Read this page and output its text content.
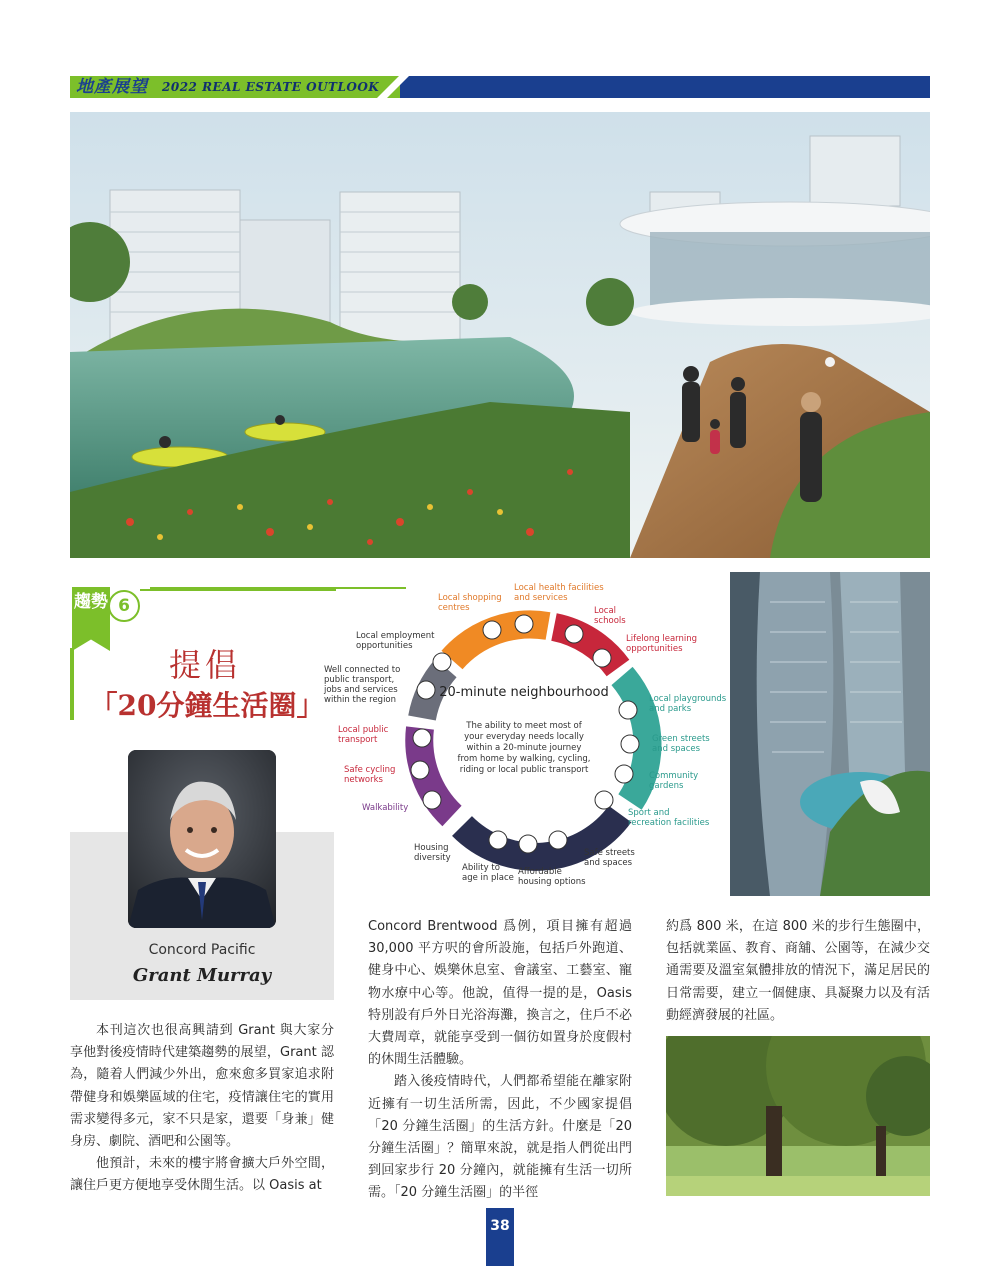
地產展望 2022 REAL ESTATE OUTLOOK
趨勢 6
提倡
「20分鐘生活圈」
Concord Pacific
Grant Murray
20-minute neighbourhood
The ability to meet most of
your everyday needs locally
within a 20-minute journey
from home by walking, cycling,
riding or local public transport
Local health facilities
and services
Local shopping
centres	Local
schools
Lifelong learning
opportunities
Local employment
opportunities
Well connected to
public transport,
jobs and services
within the region	Local playgrounds
and parks
Green streets
and spaces
Local public
transport
Community
gardens
Safe cycling
networks
Sport and
recreation facilities
Walkability
Safe streets
and spaces
Housing
diversity
Ability to
age in place
Affordable
housing options

本刊這次也很高興請到 Grant 與大家分享他對後疫情時代建築趨勢的展望，Grant 認為，隨着人們減少外出，愈來愈多買家追求附帶健身和娛樂區域的住宅，疫情讓住宅的實用需求變得多元，家不只是家，還要「身兼」健身房、劇院、酒吧和公園等。

他預計，未來的樓宇將會擴大戶外空間，讓住戶更方便地享受休閒生活。以 Oasis at

Concord Brentwood 爲例，項目擁有超過 30,000 平方呎的會所設施，包括戶外跑道、健身中心、娛樂休息室、會議室、工藝室、寵物水療中心等。他說，值得一提的是，Oasis 特別設有戶外日光浴海灘，換言之，住戶不必大費周章，就能享受到一個彷如置身於度假村的休閒生活體驗。

踏入後疫情時代，人們都希望能在離家附近擁有一切生活所需，因此，不少國家提倡「20 分鐘生活圈」的生活方針。什麼是「20 分鐘生活圈」？簡單來說，就是指人們從出門到回家步行 20 分鐘內，就能擁有生活一切所需。「20 分鐘生活圈」的半徑

約爲 800 米，在這 800 米的步行生態圈中，包括就業區、教育、商舖、公園等，在減少交通需要及溫室氣體排放的情況下，滿足居民的日常需要，建立一個健康、具凝聚力以及有活動經濟發展的社區。

38
